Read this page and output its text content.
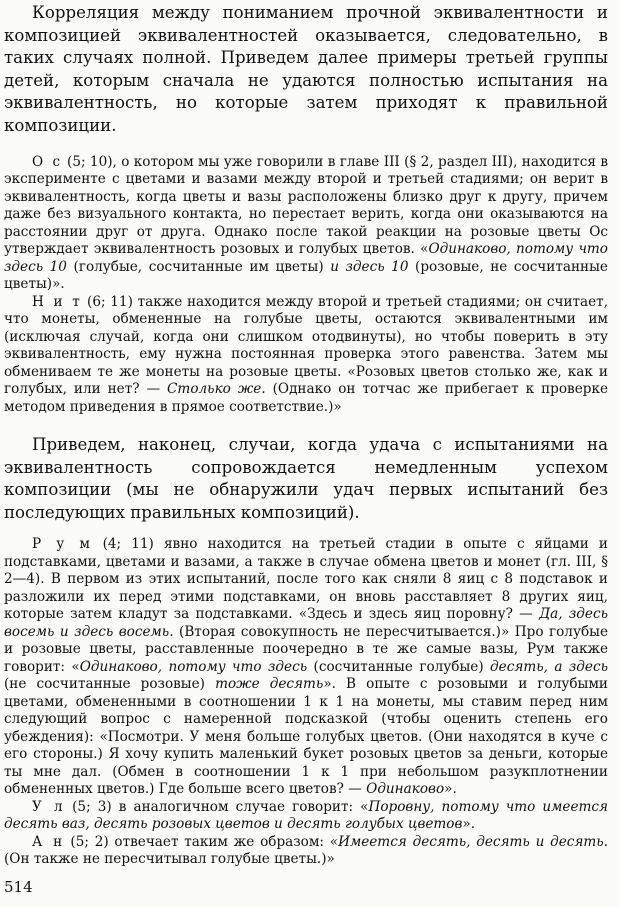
Корреляция между пониманием прочной эквивалентности и композицией эквивалентностей оказывается, следовательно, в таких случаях полной. Приведем далее примеры третьей группы детей, которым сначала не удаются полностью испытания на эквивалентность, но которые затем приходят к правильной композиции.

О с (5; 10), о котором мы уже говорили в главе III (§ 2, раздел III), находится в эксперименте с цветами и вазами между второй и третьей стадиями; он верит в эквивалентность, когда цветы и вазы расположены близко друг к другу, причем даже без визуального контакта, но перестает верить, когда они оказываются на расстоянии друг от друга. Однако после такой реакции на розовые цветы Ос утверждает эквивалентность розовых и голубых цветов. «Одинаково, потому что здесь 10 (голубые, сосчитанные им цветы) и здесь 10 (розовые, не сосчитанные цветы)».

Н и т (6; 11) также находится между второй и третьей стадиями; он считает, что монеты, обмененные на голубые цветы, остаются эквивалентными им (исключая случай, когда они слишком отодвинуты), но чтобы поверить в эту эквивалентность, ему нужна постоянная проверка этого равенства. Затем мы обмениваем те же монеты на розовые цветы. «Розовых цветов столько же, как и голубых, или нет? — Столько же. (Однако он тотчас же прибегает к проверке методом приведения в прямое соответствие.)»

Приведем, наконец, случаи, когда удача с испытаниями на эквивалентность сопровождается немедленным успехом композиции (мы не обнаружили удач первых испытаний без последующих правильных композиций).

Р у м (4; 11) явно находится на третьей стадии в опыте с яйцами и подставками, цветами и вазами, а также в случае обмена цветов и монет (гл. III, § 2—4). В первом из этих испытаний, после того как сняли 8 яиц с 8 подставок и разложили их перед этими подставками, он вновь расставляет 8 других яиц, которые затем кладут за подставками. «Здесь и здесь яиц поровну? — Да, здесь восемь и здесь восемь. (Вторая совокупность не пересчитывается.)» Про голубые и розовые цветы, расставленные поочередно в те же самые вазы, Рум также говорит: «Одинаково, потому что здесь (сосчитанные голубые) десять, а здесь (не сосчитанные розовые) тоже десять». В опыте с розовыми и голубыми цветами, обмененными в соотношении 1 к 1 на монеты, мы ставим перед ним следующий вопрос с намеренной подсказкой (чтобы оценить степень его убеждения): «Посмотри. У меня больше голубых цветов. (Они находятся в куче с его стороны.) Я хочу купить маленький букет розовых цветов за деньги, которые ты мне дал. (Обмен в соотношении 1 к 1 при небольшом разукплотнении обмененных цветов.) Где больше всего цветов? — Одинаково».

У л (5; 3) в аналогичном случае говорит: «Поровну, потому что имеется десять ваз, десять розовых цветов и десять голубых цветов».

А н (5; 2) отвечает таким же образом: «Имеется десять, десять и десять. (Он также не пересчитывал голубые цветы.)»

514
